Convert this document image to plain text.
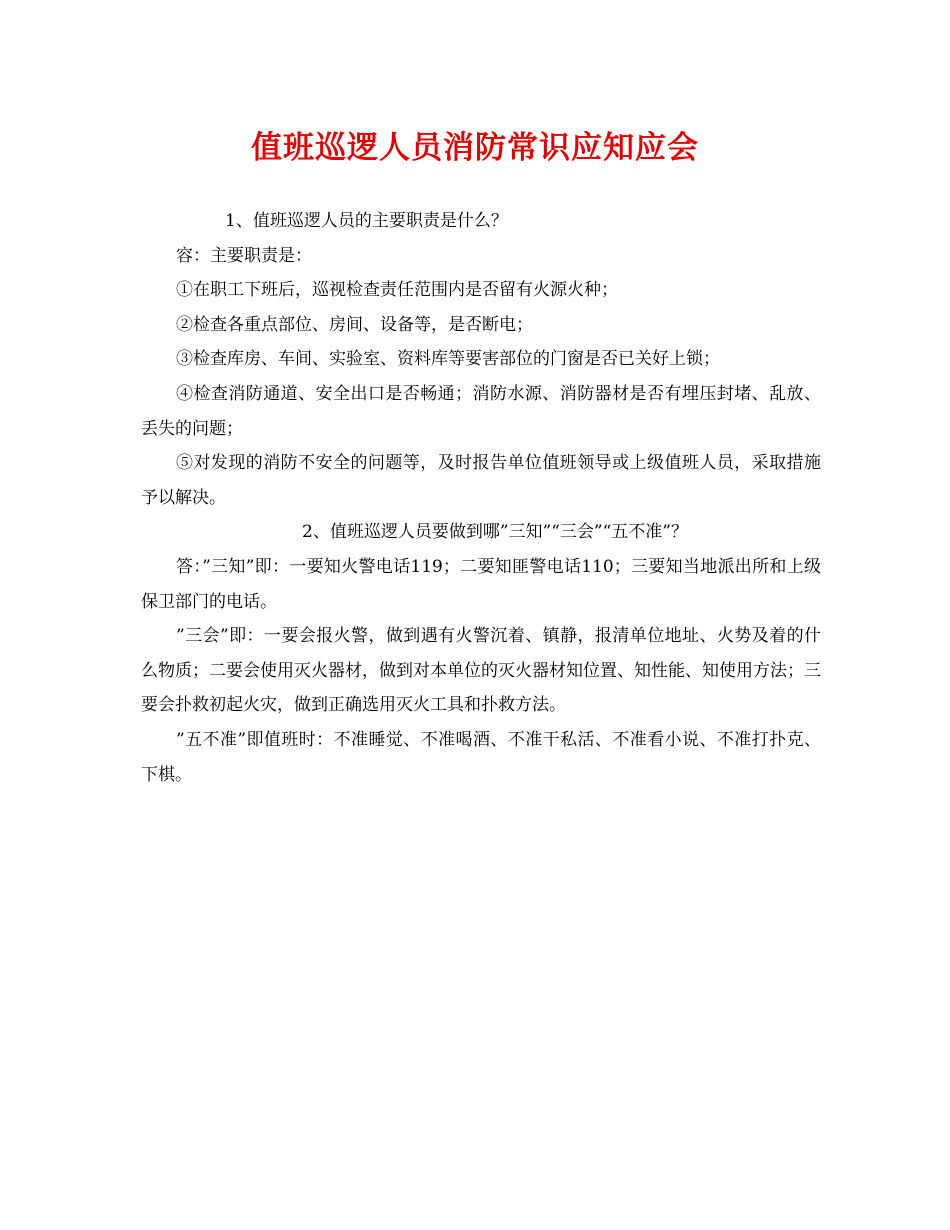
值班巡逻人员消防常识应知应会

1、值班巡逻人员的主要职责是什么？

容：主要职责是：

①在职工下班后，巡视检查责任范围内是否留有火源火种；

②检查各重点部位、房间、设备等，是否断电；

③检查库房、车间、实验室、资料库等要害部位的门窗是否已关好上锁；

④检查消防通道、安全出口是否畅通；消防水源、消防器材是否有埋压封堵、乱放、丢失的问题；

⑤对发现的消防不安全的问题等，及时报告单位值班领导或上级值班人员，采取措施予以解决。

2、值班巡逻人员要做到哪”三知”“三会”“五不准”？

答：”三知”即：一要知火警电话119；二要知匪警电话110；三要知当地派出所和上级保卫部门的电话。

”三会”即：一要会报火警，做到遇有火警沉着、镇静，报清单位地址、火势及着的什么物质；二要会使用灭火器材，做到对本单位的灭火器材知位置、知性能、知使用方法；三要会扑救初起火灾，做到正确选用灭火工具和扑救方法。

”五不准”即值班时：不准睡觉、不准喝酒、不准干私活、不准看小说、不准打扑克、下棋。
